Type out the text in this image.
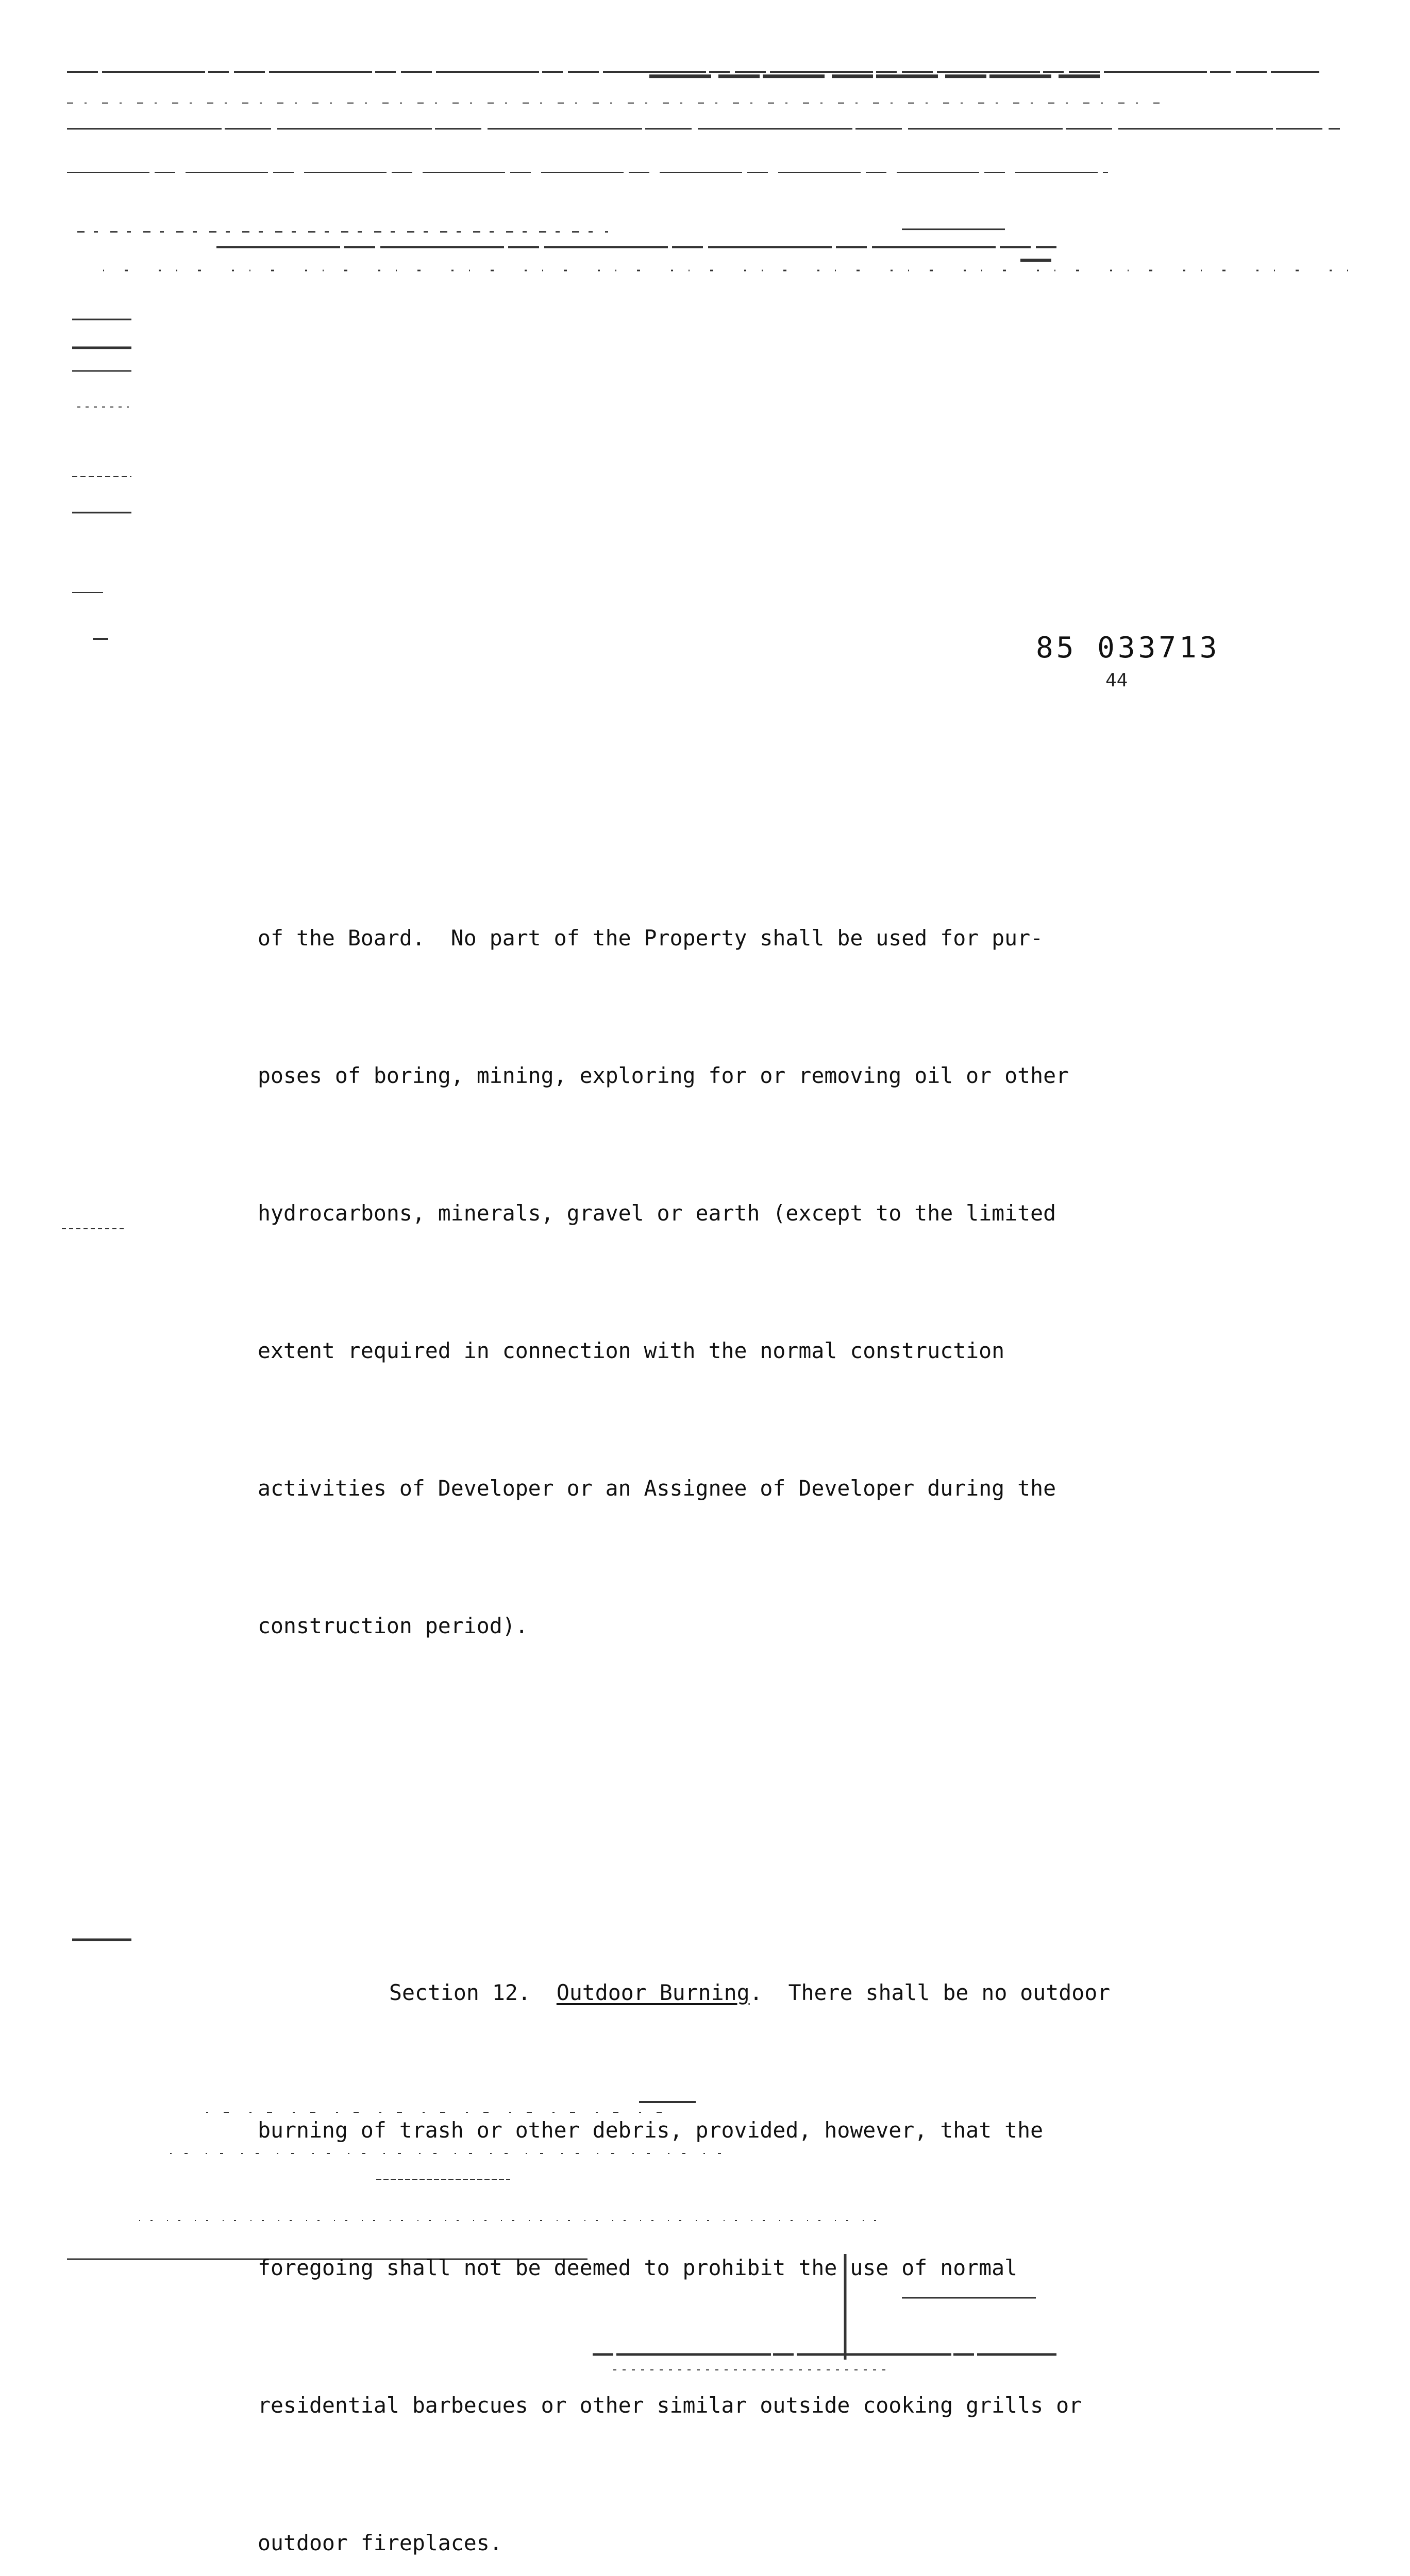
85 033713
44

of the Board.  No part of the Property shall be used for pur-

poses of boring, mining, exploring for or removing oil or other

hydrocarbons, minerals, gravel or earth (except to the limited

extent required in connection with the normal construction

activities of Developer or an Assignee of Developer during the

construction period).

Section 12. Outdoor Burning.  There shall be no outdoor

burning of trash or other debris, provided, however, that the

foregoing shall not be deemed to prohibit the use of normal

residential barbecues or other similar outside cooking grills or

outdoor fireplaces.
